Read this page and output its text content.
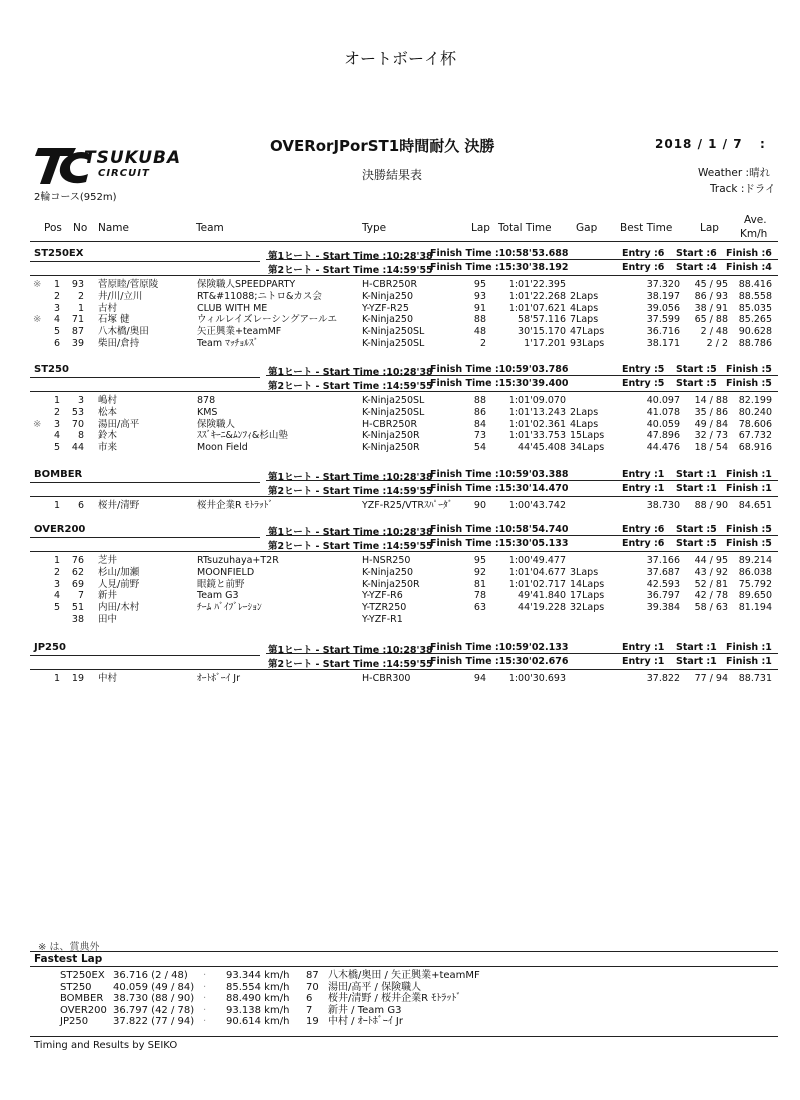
オートボーイ杯
TSUKUBA
CIRCUIT
2輪コース(952m)
OVERorJPorST1時間耐久 決勝	2018 / 1 / 7 :
決勝結果表	Weather :晴れ
Track :ドライ
Pos No Name	Team	Type	Lap Total Time Gap Best Time	Lap
Ave.
Km/h
ST250EX	第1ヒート - Start Time :10:28'38
Finish Time :10:58'53.688	Entry :6 Start :6 Finish :6
第2ヒート - Start Time :14:59'55
Finish Time :15:30'38.192	Entry :6 Start :4 Finish :4
※	1	93 菅原睦/菅原陵	保険職人SPEEDPARTY	H-CBR250R	95	1:01'22.395	37.320	45 / 95	88.416
2	2 井/川/立川	RT&#11088;ニトロ&カス会	K-Ninja250	93	1:01'22.268 2Laps	38.197	86 / 93	88.558
3	1 古村	CLUB WITH ME	Y-YZF-R25	91	1:01'07.621 4Laps	39.056	38 / 91	85.035
※	4	71 石塚 健	ウィルレイズレーシングアールエ	K-Ninja250	88	58'57.116 7Laps	37.599	65 / 88	85.265
5	87 八木橋/奥田	矢正興業+teamMF	K-Ninja250SL	48	30'15.170 47Laps	36.716	2 / 48	90.628
6	39 柴田/倉持	Team ﾏｯﾁｮﾙｽﾞ	K-Ninja250SL	2	1'17.201 93Laps	38.171	2 / 2	88.786
ST250	第1ヒート - Start Time :10:28'38
Finish Time :10:59'03.786	Entry :5 Start :5 Finish :5
第2ヒート - Start Time :14:59'55
Finish Time :15:30'39.400	Entry :5 Start :5 Finish :5
1	3 嶋村	878	K-Ninja250SL	88	1:01'09.070	40.097	14 / 88	82.199
2	53 松本	KMS	K-Ninja250SL	86	1:01'13.243 2Laps	41.078	35 / 86	80.240
※	3	70 湯田/高平	保険職人	H-CBR250R	84	1:01'02.361 4Laps	40.059	49 / 84	78.606
4	8 鈴木	ｽｽﾞｷｰﾆ&ﾑﾝﾌｨ&杉山塾	K-Ninja250R	73	1:01'33.753 15Laps	47.896	32 / 73	67.732
5	44 市来	Moon Field	K-Ninja250R	54	44'45.408 34Laps	44.476	18 / 54	68.916
BOMBER	第1ヒート - Start Time :10:28'38
Finish Time :10:59'03.388	Entry :1 Start :1 Finish :1
第2ヒート - Start Time :14:59'55
Finish Time :15:30'14.470	Entry :1 Start :1 Finish :1
1	6 桜井/清野	桜井企業R ﾓﾄﾗｯﾄﾞ	YZF-R25/VTRｽﾊﾟｰﾀﾞ	90	1:00'43.742	38.730	88 / 90	84.651
OVER200	第1ヒート - Start Time :10:28'38
Finish Time :10:58'54.740	Entry :6 Start :5 Finish :5
第2ヒート - Start Time :14:59'55
Finish Time :15:30'05.133	Entry :6 Start :5 Finish :5
1	76 芝井	RTsuzuhaya+T2R	H-NSR250	95	1:00'49.477	37.166	44 / 95	89.214
2	62 杉山/加瀬	MOONFIELD	K-Ninja250	92	1:01'04.677 3Laps	37.687	43 / 92	86.038
3	69 人見/前野	眼鏡と前野	K-Ninja250R	81	1:01'02.717 14Laps	42.593	52 / 81	75.792
4	7 新井	Team G3	Y-YZF-R6	78	49'41.840 17Laps	36.797	42 / 78	89.650
5	51 内田/木村	ﾁｰﾑ ﾊﾞｲﾌﾞﾚｰｼｮﾝ	Y-TZR250	63	44'19.228 32Laps	39.384	58 / 63	81.194
38 田中	Y-YZF-R1
JP250	第1ヒート - Start Time :10:28'38
Finish Time :10:59'02.133	Entry :1 Start :1 Finish :1
第2ヒート - Start Time :14:59'55
Finish Time :15:30'02.676	Entry :1 Start :1 Finish :1
1	19 中村	ｵｰﾄﾎﾞｰｲ Jr	H-CBR300	94	1:00'30.693	37.822	77 / 94	88.731
※ は、賞典外
Fastest Lap
ST250EX 36.716 (2 / 48)	93.344 km/h 87 八木橋/奥田 / 矢正興業+teamMF
·
ST250 40.059 (49 / 84)	85.554 km/h 70 湯田/高平 / 保険職人
·
BOMBER 38.730 (88 / 90)	88.490 km/h 6 桜井/清野 / 桜井企業R ﾓﾄﾗｯﾄﾞ
·
OVER200 36.797 (42 / 78)	93.138 km/h 7 新井 / Team G3
·
JP250 37.822 (77 / 94)	90.614 km/h 19 中村 / ｵｰﾄﾎﾞｰｲ Jr
·
Timing and Results by SEIKO
